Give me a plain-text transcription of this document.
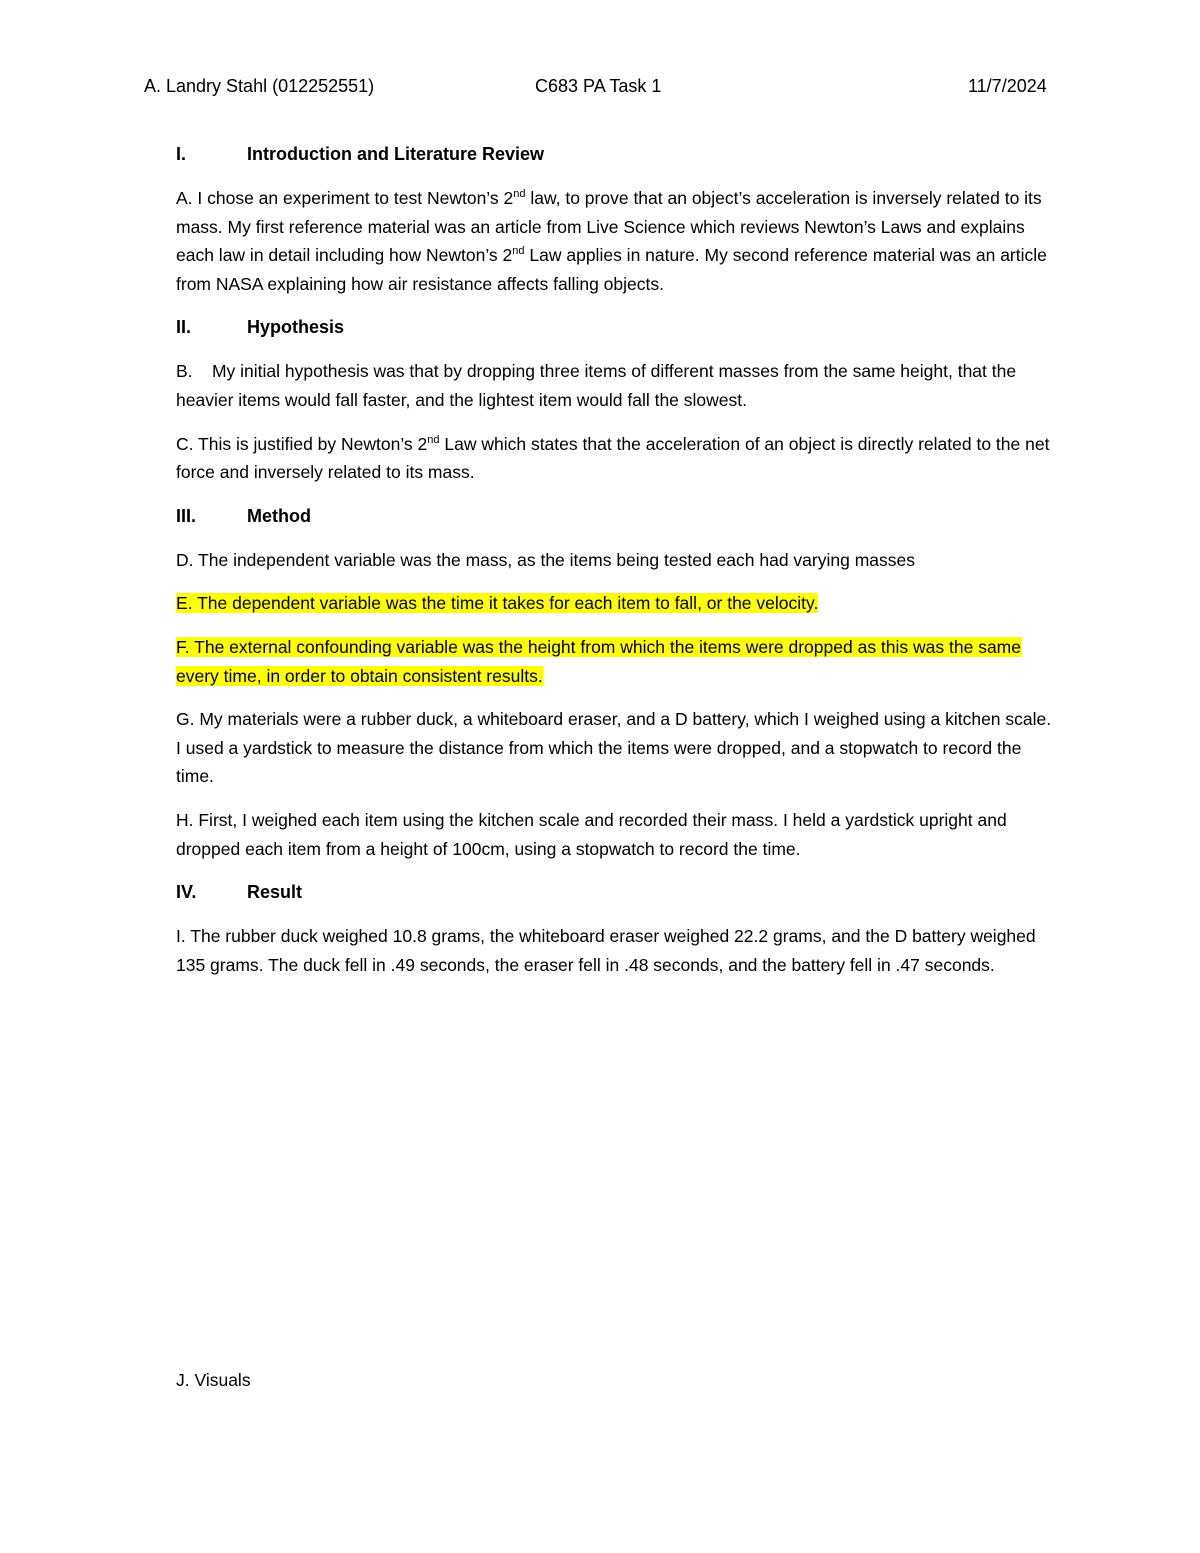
A. Landry Stahl (012252551)	C683 PA Task 1	11/7/2024
I.	Introduction and Literature Review

A. I chose an experiment to test Newton’s 2nd law, to prove that an object’s acceleration is inversely related to its mass. My first reference material was an article from Live Science which reviews Newton’s Laws and explains each law in detail including how Newton’s 2nd Law applies in nature. My second reference material was an article from NASA explaining how air resistance affects falling objects.

II.	Hypothesis

B.    My initial hypothesis was that by dropping three items of different masses from the same height, that the heavier items would fall faster, and the lightest item would fall the slowest.

C. This is justified by Newton’s 2nd Law which states that the acceleration of an object is directly related to the net force and inversely related to its mass.

III.	Method

D. The independent variable was the mass, as the items being tested each had varying masses

E. The dependent variable was the time it takes for each item to fall, or the velocity.

F. The external confounding variable was the height from which the items were dropped as this was the same every time, in order to obtain consistent results.

G. My materials were a rubber duck, a whiteboard eraser, and a D battery, which I weighed using a kitchen scale. I used a yardstick to measure the distance from which the items were dropped, and a stopwatch to record the time.

H. First, I weighed each item using the kitchen scale and recorded their mass. I held a yardstick upright and dropped each item from a height of 100cm, using a stopwatch to record the time.

IV.	Result

I. The rubber duck weighed 10.8 grams, the whiteboard eraser weighed 22.2 grams, and the D battery weighed 135 grams. The duck fell in .49 seconds, the eraser fell in .48 seconds, and the battery fell in .47 seconds.

J. Visuals
